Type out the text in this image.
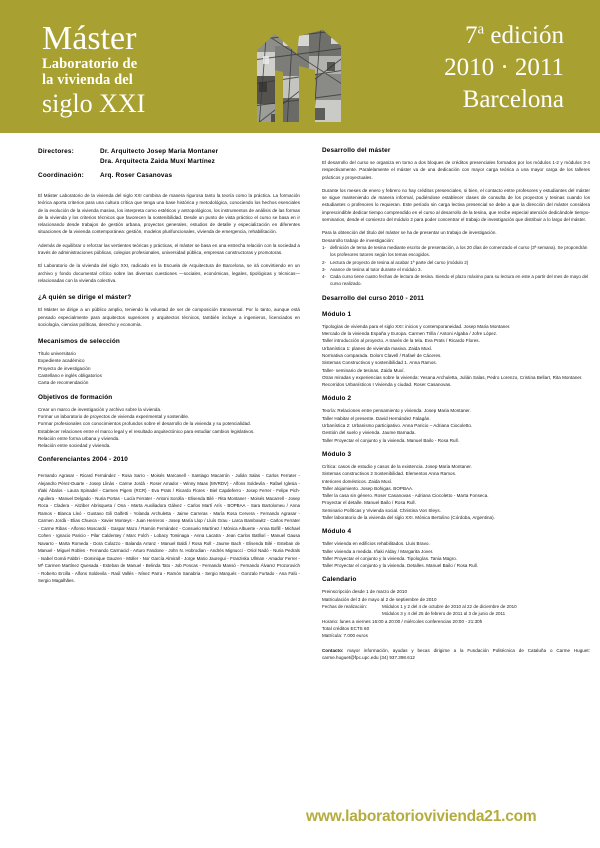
Máster
Laboratorio de
la vivienda del
siglo XXI
7$^a$ edición
2010 · 2011
Barcelona
Directores:	Dr. Arquitecto Josep Maria Montaner
Dra. Arquitecta Zaida Muxí Martínez
Coordinación:	Arq. Roser Casanovas

El Máster Laboratorio de la vivienda del siglo XXI combina de manera rigurosa tanto la teoría como la práctica. La formación teórica aporta criterios para una cultura crítica que tenga una base histórica y metodológica, conociendo los hechos esenciales de la evolución de la vivienda masiva, los interpreta como estéticos y antropológicos, los instrumentos de análisis de las formas de la vivienda y los criterios técnicos que favorecen la sostenibilidad. Desde un punto de vista práctico el curso se basa en ir relacionando desde trabajos de gestión urbana, proyectos generales, estudios de detalle y especialización en diferentes situaciones de la vivienda contemporánea: gestión, modelos plurifuncionales, vivienda de emergencia, rehabilitación.

Además de equilibrar o reforzar las vertientes teóricas y prácticas, el máster se basa en una estrecha relación con la sociedad a través de administraciones públicas, colegios profesionales, universidad pública, empresas constructoras y promotoras.

El Laboratorio de la vivienda del siglo XXI, radicado en la Escuela de Arquitectura de Barcelona, se irá convirtiendo en un archivo y fondo documental crítico sobre las diversas cuestiones —sociales, económicas, legales, tipológicas y técnicas— relacionadas con la vivienda colectiva.

¿A quién se dirige el máster?

El Máster se dirige a un público amplio, teniendo la voluntad de ser de composición transversal. Por lo tanto, aunque está pensado especialmente para arquitectos superiores y arquitectos técnicos, también incluye a ingenieros, licenciados en sociología, ciencias políticas, derecho y economía.

Mecanismos de selección
Título universitario
Expediente académico
Proyecto de investigación
Castellano e inglés obligatorios
Carta de recomendación
Objetivos de formación
Crear un marco de investigación y archivo sobre la vivienda.
Formar un laboratorio de proyectos de vivienda experimental y sostenible.
Formar profesionales con conocimientos profundos sobre el desarrollo de la vivienda y su potencialidad.
Establecer relaciones entre el marco legal y el resultado arquitectónico para estudiar cambios legislativos.
Relación entre forma urbana y vivienda.
Relación entre sociedad y vivienda.
Conferenciantes 2004 - 2010
Fernando Agrasar - Ricard Fernández - Rosa Sarro - Moisés Marcanell - Santiago Macarrón - Julián Salas - Carlos Ferrater - Alejandro Pérez-Duarte - Josep Llinàs - Carme Jordà - Roser Amador - Winny Maas (MVRDV) - Alfons Soldevila - Rafael Iglesia - Iñaki Ábalos - Laura Spinadel - Carmen Pigem (RCR) - Eva Prats / Ricardo Flores - Biel Capdeferro - Josep Ferrer - Felipe Pich-Aguilera - Manuel Delgado - Nuria Portas - Lucía Ferrater - Antoni Sorolla - Elisenda Bilé - Rita Montaner - Moisés Macarrell - Josep Roca - Cladera - Aitziber Abrisqueta / Ona - Marta Auxiliadora Gálvez - Carlos Martí Arís - BOPBAA - Sara Bartolomeu / Anna Ramos - Blanca Lleó - Gustavo Gili Galfetti - Yolanda Archuletta - Jaime Carreras - María Rosa Cervera - Fernando Agrasar - Carmen Jordà - Elias Chueca - Xavier Monteys - Juan Herreros - Josep María Llop / Lluís Grau - Larca Bambowitz - Carlos Ferrater - Carme Ribas - Alfonso Moscardó - Gaspar Mazo / Ramón Fernández - Consuelo Martínez / Mónica Albuerte - Anna Bofill - Michael Cohen - Ignacio Paricio - Pilar Caldentey / Marc Folch - Lobacy Tominaga - Anna Lacatra - Jean Carlos Batllori - Manuel Gausa Navarro - Marta Romeda - Dora Colazzo - Balanda Arranz - Manuel Baldi / Rosa Roll - Jaume Bach - Elisenda Bilé - Esteban de Manuel - Miguel Robles - Fernando Carmacid - Arturo Fandone - John N. Hobrodian - Andrés Mignucci - Oriol Nadó - Nuria Pedrals - Isabel Gomá Fabbri - Dominique Gauzen - Müller - Nor García Almirall - Jorge Mario Jauregui - Franziska Ullman - Amador Ferrer - Mª Carmen Martínez Quesada - Esteban de Manuel - Belinda Tato - Job Poncas - Fernando Mansó - Fernando Álvarez Prozorovich - Roberto Ercilla - Alfons Soldevila - Raúl Vallés - Nínez Parra - Ramón Sanabria - Sergio Marqués - Gonzalo Furtado - Ana Falú - Sergio Magalhães.
Desarrollo del máster

El desarrollo del curso se organiza en torno a dos bloques de créditos presenciales formados por los módulos 1-2 y módulos 3-4 respectivamente. Paralelamente el máster va de una dedicación con mayor carga teórica a una mayor carga de los talleres prácticos y proyectuales.

Durante los meses de enero y febrero no hay créditos presenciales, si bien, el contacto entre profesores y estudiantes del máster se sigue manteniendo de manera informal, pudiéndose establecer clases de consulta de los proyectos y tesinas cuando los estudiantes o profesores lo requieran. Este período sin carga lectiva presencial se debe a que la dirección del máster considera imprescindible dedicar tiempo comprendido en el curso al desarrollo de la tesina, que recibe especial atención dedicándole tiempo-seminarios, desde el comienzo del módulo 2 para poder concentrar el trabajo de investigación que distribuir a lo largo del máster.

Para la obtención del título del máster se ha de presentar un trabajo de investigación.
Desarrollo trabajo de investigación:
1- definición de tema de tesina mediante escrito de presentación, a los 20 días de comenzado el curso (3ª semana). Se propondrán los profesores tutores según los temas escogidos.
2- Lectura de proyecto de tesina al acabar 1ª parte del curso (módulo 2)
3- Avance de tesina al tutor durante el módulo 3.
4- Cada curso tiene cuatro fechas de lectura de tesina. Siendo el plazo máximo para su lectura en este a partir del mes de mayo del curso realizado.
Desarrollo del curso 2010 - 2011
Módulo 1
Tipologías de vivienda para el siglo XXI: inicios y contemporaneidad. Josep Maria Montaner.
Mercado de la vivienda España y Europa. Carmen Trilla / Antoni Algaba / Jofre López.
Taller introducción al proyecto. A través de la tela. Eva Prats / Ricardo Flores.
Urbanística 1: planes de vivienda masiva. Zaida Muxí.
Normativa comparada. Dolors Clavell / Rafael de Cáceres.
Sistemas Constructivos y sostenibilidad 1. Anna Ramos.
Taller- seminario de tesinas. Zaida Muxí.
Otras miradas y experiencias sobre la vivienda: Yesana Archuletta, Julián Salas, Pedro Lorenzo, Cristina Bellart, Rita Montaner.
Recorridos Urbanísticos I Vivienda y ciudad. Roser Casanovas.
Módulo 2
Teoría: Relaciones entre pensamiento y vivienda. Josep Maria Montaner.
Taller Habitar el presente. David Hernández Falagán.
Urbanística 2: Urbanismo participativo. Anna Paricio – Adriana Ciocoletto.
Gestión del suelo y vivienda. Jaume Barnada.
Taller Proyectar el conjunto y la vivienda. Manuel Bailo - Rosa Rull.
Módulo 3
Crítica: casos de estudio y casos de la existencia. Josep Maria Montaner.
Sistemas constructivos 2 Sostenibilidad. Elementos Anna Ramos.
Interiores domésticos. Zaida Muxí.
Taller alojamiento. Josep Bohigas. BOPBAA.
Taller la casa sin género. Roser Casanovas - Adriana Ciocoletto - Marta Fonseca.
Proyectar el detalle. Manuel Bailo / Rosa Rull.
Seminario Políticas y Vivienda social. Christina Von Sleys.
Taller laboratorio de la vivienda del siglo XXI. Mónica Bertolino (Córdoba, Argentina).
Módulo 4
Taller vivienda en edificios rehabilitados. Lluis Bravo.
Taller vivienda a medida. Iñaki Alday / Margarita Jover.
Taller Proyectar el conjunto y la vivienda. Tipologías. Tania Magro.
Taller Proyectar el conjunto y la vivienda. Detalles. Manuel Bailo / Rosa Rull.
Calendario
Preinscripción desde 1 de marzo de 2010
Matriculación del 3 de mayo al 2 de septiembre de 2010
Fechas de realización:	Módulos 1 y 2 del 4 de octubre de 2010 al 22 de diciembre de 2010
Módulos 3 y 4 del 25 de febrero de 2011 al 3 de junio de 2011
Horario: lunes a viernes 16:00 a 20:00 / miércoles conferencias 20:00 - 21:30h
Total créditos ECTS 60
Matrícula: 7.000 euros

Contacto: mayor información, ayudas y becas dirigirse a la Fundación Politécnica de Cataluña o Carme Huguet: carme.huguet@fpc.upc.edu (34) 937.398.612

www.laboratoriovivienda21.com
